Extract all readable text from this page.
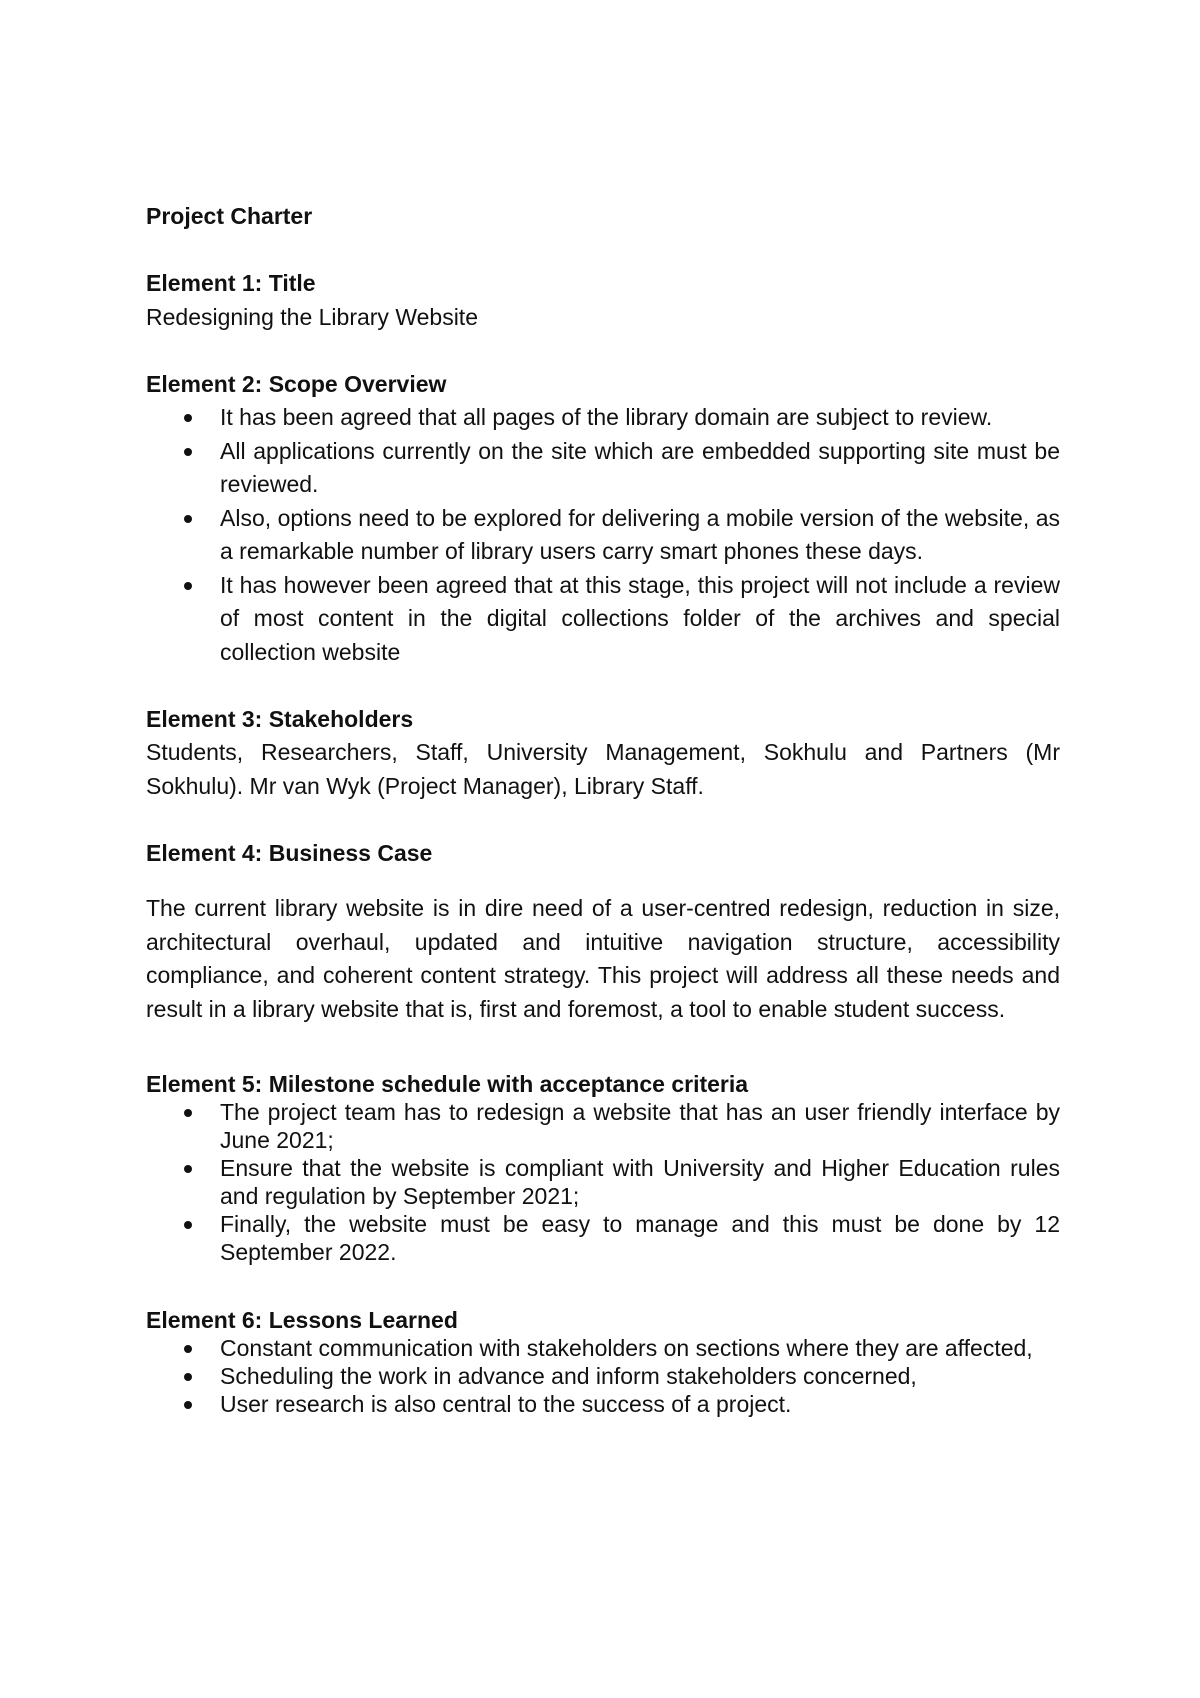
Project Charter

Element 1: Title

Redesigning the Library Website

Element 2: Scope Overview

It has been agreed that all pages of the library domain are subject to review.
All applications currently on the site which are embedded supporting site must be reviewed.
Also, options need to be explored for delivering a mobile version of the website, as a remarkable number of library users carry smart phones these days.
It has however been agreed that at this stage, this project will not include a review of most content in the digital collections folder of the archives and special collection website

Element 3: Stakeholders

Students, Researchers, Staff, University Management, Sokhulu and Partners (Mr Sokhulu). Mr van Wyk (Project Manager), Library Staff.

Element 4: Business Case

The current library website is in dire need of a user-centred redesign, reduction in size, architectural overhaul, updated and intuitive navigation structure, accessibility compliance, and coherent content strategy. This project will address all these needs and result in a library website that is, first and foremost, a tool to enable student success.

Element 5: Milestone schedule with acceptance criteria

The project team has to redesign a website that has an user friendly interface by June 2021;
Ensure that the website is compliant with University and Higher Education rules and regulation by September 2021;
Finally, the website must be easy to manage and this must be done by 12 September 2022.

Element 6: Lessons Learned

Constant communication with stakeholders on sections where they are affected,
Scheduling the work in advance and inform stakeholders concerned,
User research is also central to the success of a project.
